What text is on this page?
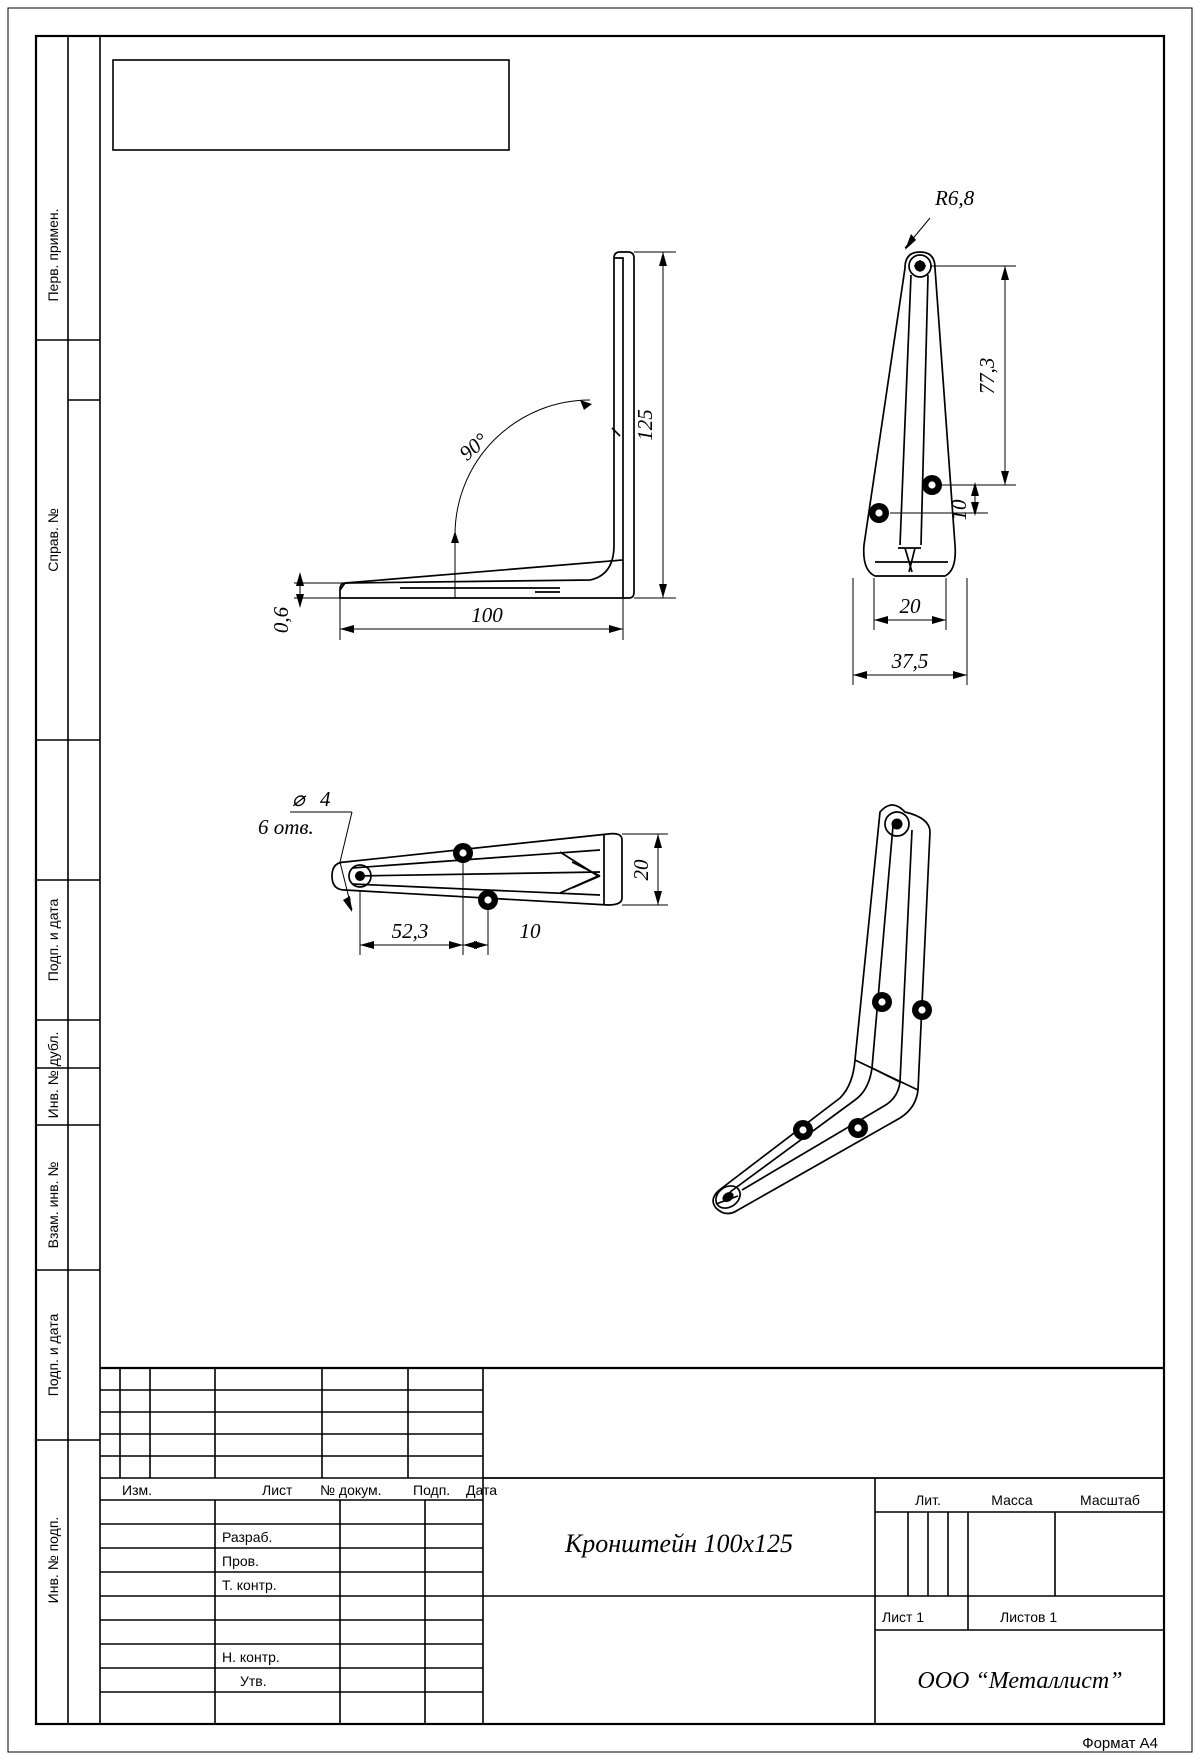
Перв. примен.
Справ. №
Подп. и дата
Инв. № дубл.
Взам. инв. №
Подп. и дата
Инв. № подп.
90°
125
100
0,6
R6,8
77,3
10
20
37,5
⌀ 4
6 отв.
52,3	10
20
Изм.	Лист № докум. Подп. Дата
Разраб.
Пров.
Т. контр.
Н. контр.
Утв.
Лит.	Масса	Масштаб
Лист 1	Листов 1
Кронштейн 100х125
ООО “Металлист”
Формат А4
